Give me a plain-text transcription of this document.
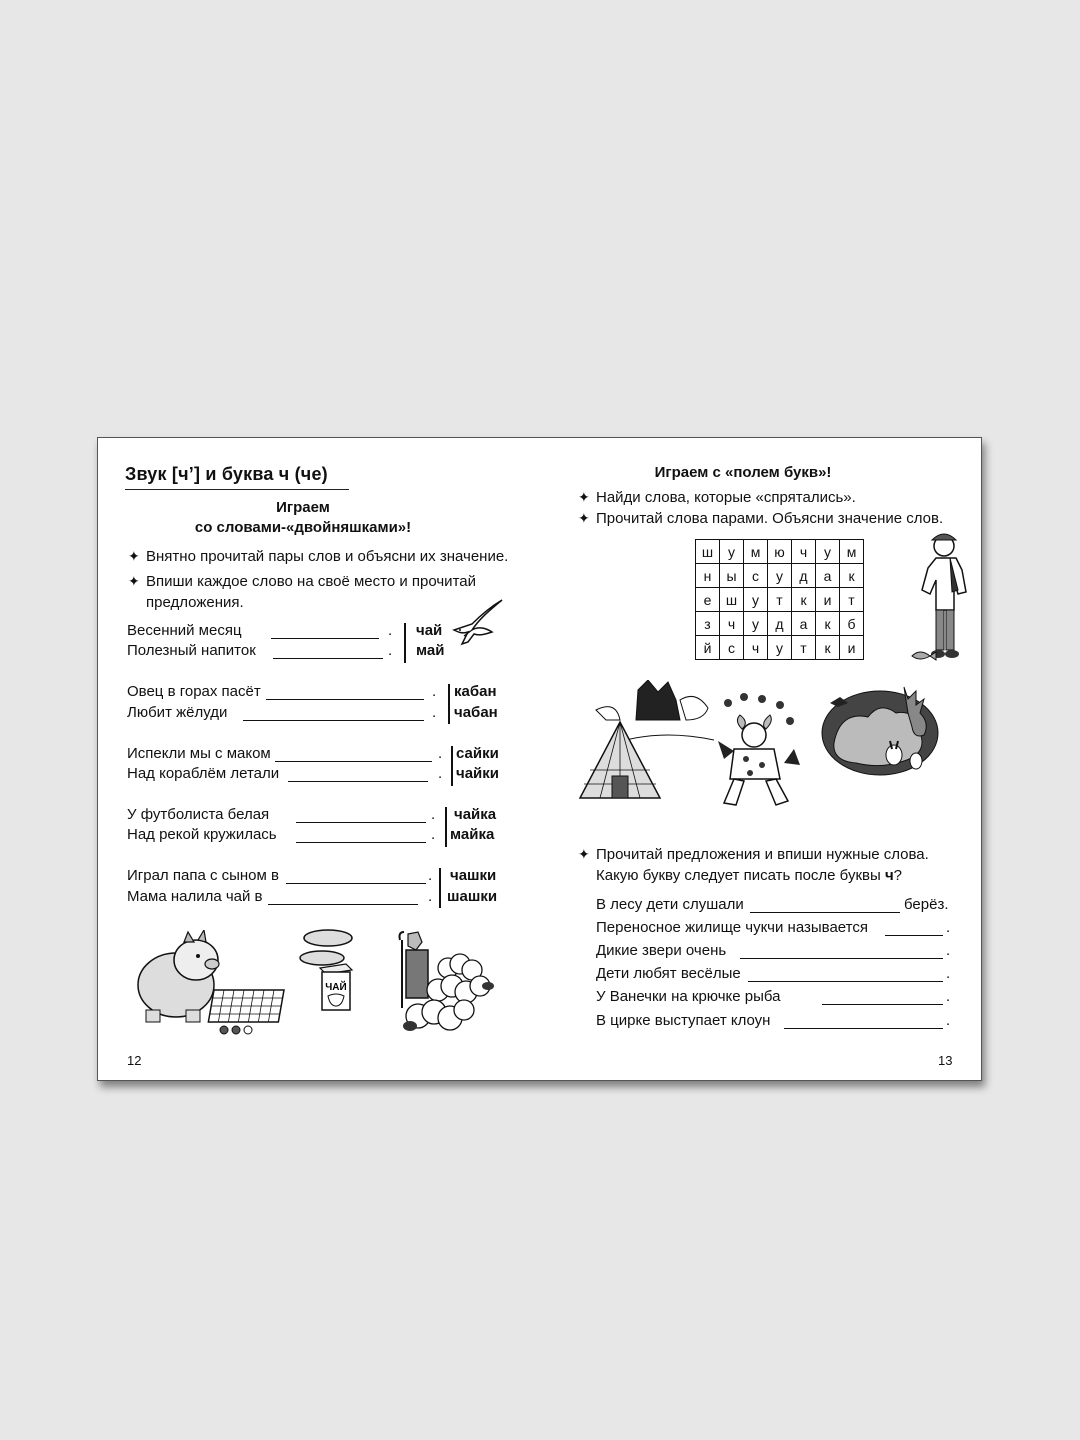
Звук [ч’] и буква ч (че)
Играем
со словами-«двойняшками»!
✦ Внятно прочитай пары слов и объясни их значение.
✦ Впиши каждое слово на своё место и прочитай
предложения.
Весенний месяц	.
Полезный напиток	.
чай
май
Овец в горах пасёт	.
Любит жёлуди	.
кабан
чабан
Испекли мы с маком	.
Над кораблём летали	.
сайки
чайки
У футболиста белая	.
Над рекой кружилась	.
чайка
майка
Играл папа с сыном в	.
Мама налила чай в	.
чашки
шашки
ЧАЙ
12
Играем с «полем букв»!
✦ Найди слова, которые «спрятались».
✦ Прочитай слова парами. Объясни значение слов.
ш	у	м	ю	ч	у	м
н	ы	с	у	д	а	к
е	ш	у	т	к	и	т
з	ч	у	д	а	к	б
й	с	ч	у	т	к	и
✦ Прочитай предложения и впиши нужные слова.
Какую букву следует писать после буквы ч?
В лесу дети слушали	берёз.
Переносное жилище чукчи называется	.
Дикие звери очень	.
Дети любят весёлые	.
У Ванечки на крючке рыба	.
В цирке выступает клоун	.
13
